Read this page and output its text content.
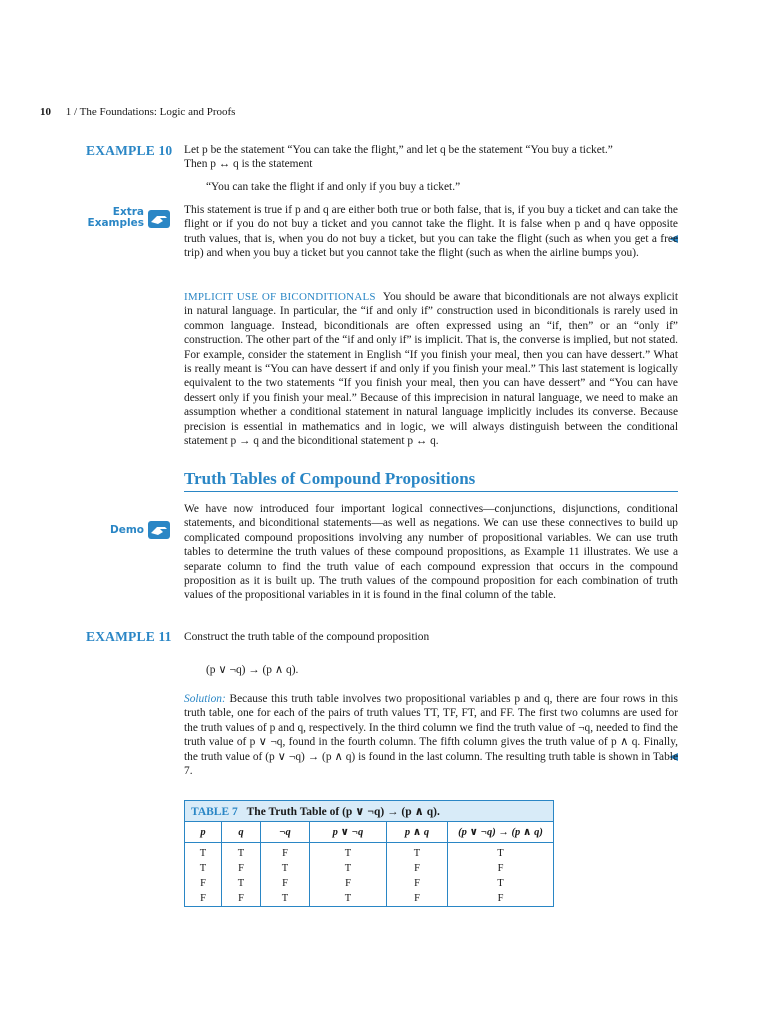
10 1 / The Foundations: Logic and Proofs
EXAMPLE 10 Let p be the statement “You can take the flight,” and let q be the statement “You buy a ticket.”

Then p ↔ q is the statement

“You can take the flight if and only if you buy a ticket.”
Extra
Examples

This statement is true if p and q are either both true or both false, that is, if you buy a ticket and can take the flight or if you do not buy a ticket and you cannot take the flight. It is false when p and q have opposite truth values, that is, when you do not buy a ticket, but you can take the flight (such as when you get a free trip) and when you buy a ticket but you cannot take the flight (such as when the airline bumps you).

IMPLICIT USE OF BICONDITIONALS You should be aware that biconditionals are not always explicit in natural language. In particular, the “if and only if” construction used in biconditionals is rarely used in common language. Instead, biconditionals are often expressed using an “if, then” or an “only if” construction. The other part of the “if and only if” is implicit. That is, the converse is implied, but not stated. For example, consider the statement in English “If you finish your meal, then you can have dessert.” What is really meant is “You can have dessert if and only if you finish your meal.” This last statement is logically equivalent to the two statements “If you finish your meal, then you can have dessert” and “You can have dessert only if you finish your meal.” Because of this imprecision in natural language, we need to make an assumption whether a conditional statement in natural language implicitly includes its converse. Because precision is essential in mathematics and in logic, we will always distinguish between the conditional statement p → q and the biconditional statement p ↔ q.

Truth Tables of Compound Propositions
Demo

We have now introduced four important logical connectives—conjunctions, disjunctions, conditional statements, and biconditional statements—as well as negations. We can use these connectives to build up complicated compound propositions involving any number of propositional variables. We can use truth tables to determine the truth values of these compound propositions, as Example 11 illustrates. We use a separate column to find the truth value of each compound expression that occurs in the compound proposition as it is built up. The truth values of the compound proposition for each combination of truth values of the propositional variables in it is found in the final column of the table.

EXAMPLE 11 Construct the truth table of the compound proposition
(p ∨ ¬q) → (p ∧ q).

Solution: Because this truth table involves two propositional variables p and q, there are four rows in this truth table, one for each of the pairs of truth values TT, TF, FT, and FF. The first two columns are used for the truth values of p and q, respectively. In the third column we find the truth value of ¬q, needed to find the truth value of p ∨ ¬q, found in the fourth column. The fifth column gives the truth value of p ∧ q. Finally, the truth value of (p ∨ ¬q) → (p ∧ q) is found in the last column. The resulting truth table is shown in Table 7.

TABLE 7 The Truth Table of (p ∨ ¬q) → (p ∧ q).
p	q	¬q	p ∨ ¬q	p ∧ q	(p ∨ ¬q) → (p ∧ q)
T	T	F	T	T	T
T	F	T	T	F	F
F	T	F	F	F	T
F	F	T	T	F	F
